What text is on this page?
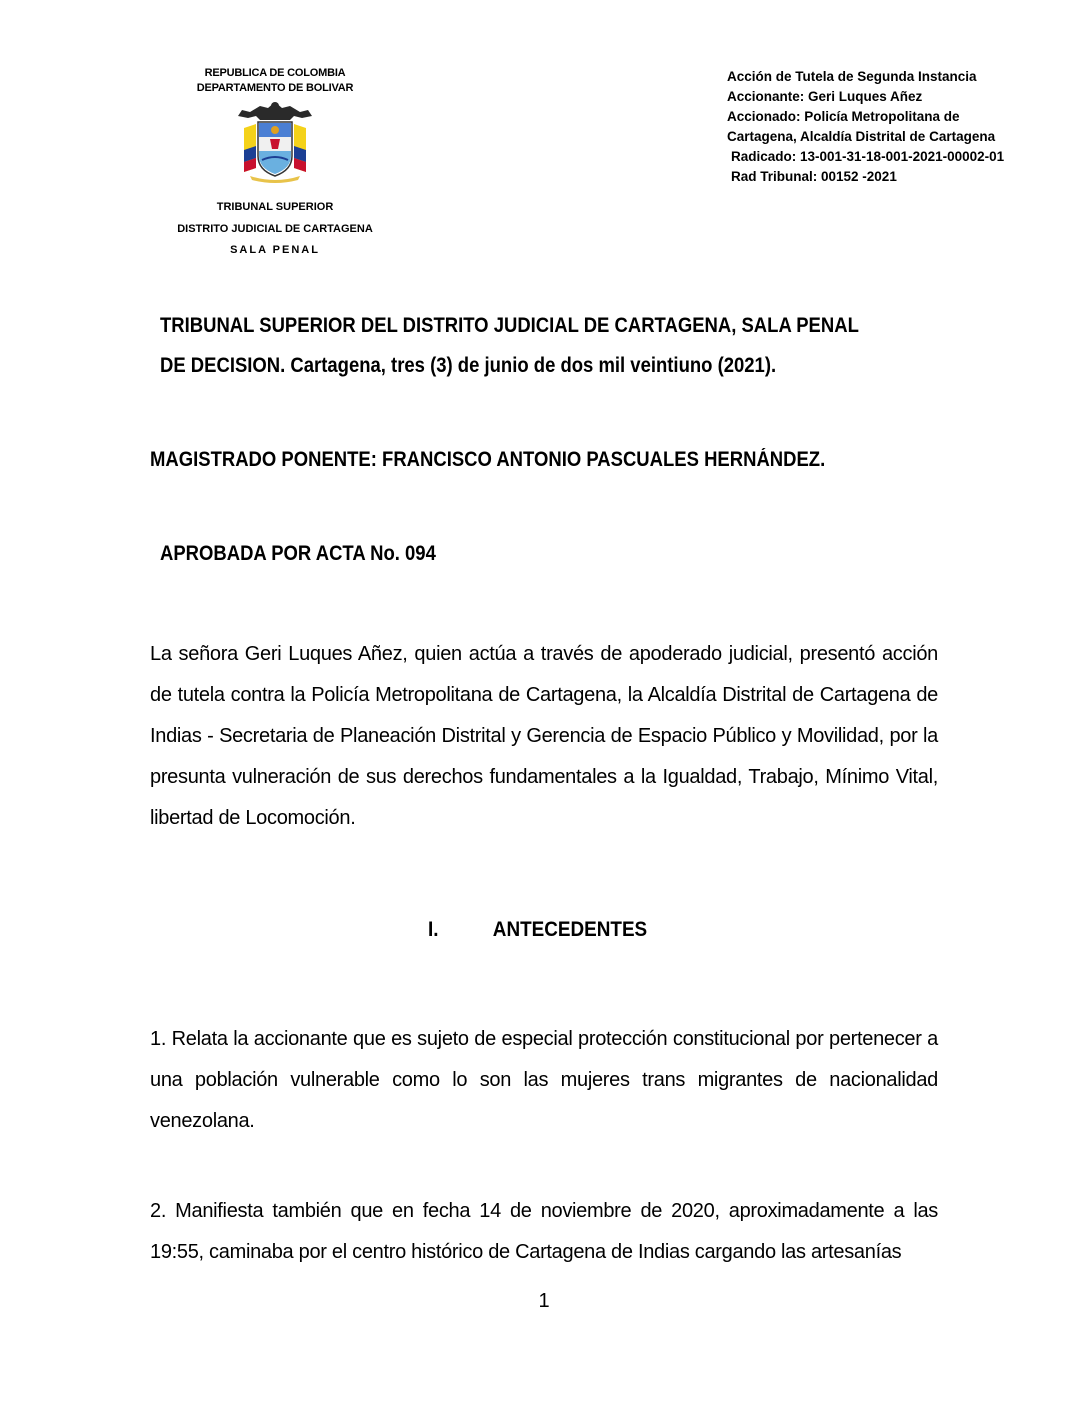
REPUBLICA DE COLOMBIA
DEPARTAMENTO DE BOLIVAR
TRIBUNAL SUPERIOR
DISTRITO JUDICIAL DE CARTAGENA
SALA PENAL
Acción de Tutela de Segunda Instancia
Accionante: Geri Luques Añez
Accionado: Policía Metropolitana de
Cartagena, Alcaldía Distrital de Cartagena
Radicado: 13-001-31-18-001-2021-00002-01
Rad Tribunal: 00152 -2021
TRIBUNAL SUPERIOR DEL DISTRITO JUDICIAL DE CARTAGENA, SALA PENAL DE DECISION. Cartagena, tres (3) de junio de dos mil veintiuno (2021).
MAGISTRADO PONENTE: FRANCISCO ANTONIO PASCUALES HERNÁNDEZ.
APROBADA POR ACTA No. 094
La señora Geri Luques Añez, quien actúa a través de apoderado judicial, presentó acción de tutela contra la Policía Metropolitana de Cartagena, la Alcaldía Distrital de Cartagena de Indias - Secretaria de Planeación Distrital y Gerencia de Espacio Público y Movilidad, por la presunta vulneración de sus derechos fundamentales a la Igualdad, Trabajo, Mínimo Vital, libertad de Locomoción.
I.	ANTECEDENTES
1. Relata la accionante que es sujeto de especial protección constitucional por pertenecer a una población vulnerable como lo son las mujeres trans migrantes de nacionalidad venezolana.
2. Manifiesta también que en fecha 14 de noviembre de 2020, aproximadamente a las 19:55, caminaba por el centro histórico de Cartagena de Indias cargando las artesanías
1
